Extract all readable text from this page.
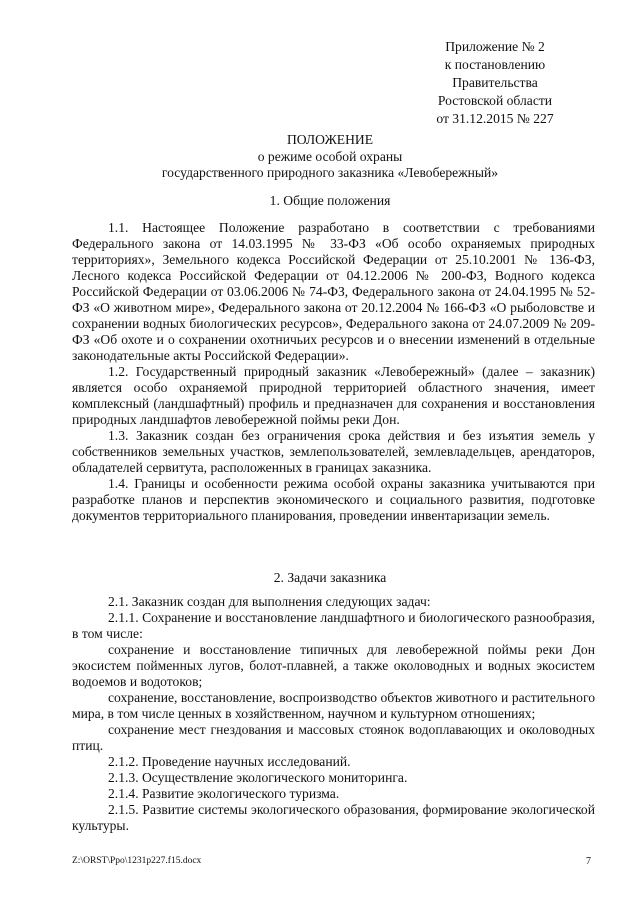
Приложение № 2
к постановлению
Правительства
Ростовской области
от 31.12.2015 № 227
ПОЛОЖЕНИЕ
о режиме особой охраны
государственного природного заказника «Левобережный»
1. Общие положения

1.1. Настоящее Положение разработано в соответствии с требованиями Федерального закона от 14.03.1995 № 33-ФЗ «Об особо охраняемых природных территориях», Земельного кодекса Российской Федерации от 25.10.2001 № 136-ФЗ, Лесного кодекса Российской Федерации от 04.12.2006 № 200-ФЗ, Водного кодекса Российской Федерации от 03.06.2006 № 74-ФЗ, Федерального закона от 24.04.1995 № 52-ФЗ «О животном мире», Федерального закона от 20.12.2004 № 166-ФЗ «О рыболовстве и сохранении водных биологических ресурсов», Федерального закона от 24.07.2009 № 209-ФЗ «Об охоте и о сохранении охотничьих ресурсов и о внесении изменений в отдельные законодательные акты Российской Федерации».

1.2. Государственный природный заказник «Левобережный» (далее – заказник) является особо охраняемой природной территорией областного значения, имеет комплексный (ландшафтный) профиль и предназначен для сохранения и восстановления природных ландшафтов левобережной поймы реки Дон.

1.3. Заказник создан без ограничения срока действия и без изъятия земель у собственников земельных участков, землепользователей, землевладельцев, арендаторов, обладателей сервитута, расположенных в границах заказника.

1.4. Границы и особенности режима особой охраны заказника учитываются при разработке планов и перспектив экономического и социального развития, подготовке документов территориального планирования, проведении инвентаризации земель.

2. Задачи заказника

2.1. Заказник создан для выполнения следующих задач:

2.1.1. Сохранение и восстановление ландшафтного и биологического разнообразия, в том числе:

сохранение и восстановление типичных для левобережной поймы реки Дон экосистем пойменных лугов, болот-плавней, а также околоводных и водных экосистем водоемов и водотоков;

сохранение, восстановление, воспроизводство объектов животного и растительного мира, в том числе ценных в хозяйственном, научном и культурном отношениях;

сохранение мест гнездования и массовых стоянок водоплавающих и околоводных птиц.

2.1.2. Проведение научных исследований.

2.1.3. Осуществление экологического мониторинга.

2.1.4. Развитие экологического туризма.

2.1.5. Развитие системы экологического образования, формирование экологической культуры.

Z:\ORST\Ppo\1231p227.f15.docx	7
